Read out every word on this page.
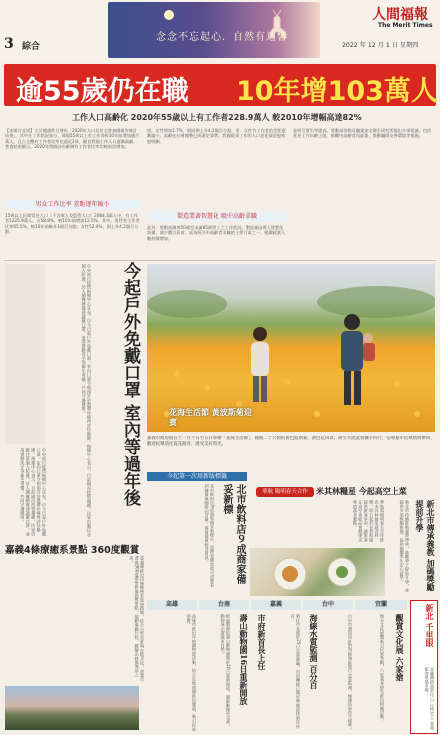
3 綜合
念念不忘起心．自然有迴響
人間福報
The Merit Times
2022 年 12 月 1 日 星期四
逾55歲仍在職 10年增103萬人
工作人口高齡化 2020年55歲以上有工作者228.9萬人 較2010年增幅高達82%
【本報台北訊】主計總處昨日發布「2020年人口及住宅普查總報告統計結果」，其中在工作狀況部分，發現55歲以上有工作者較10年前增加逾百萬人，且占全體有工作者比率也逼近2成，顯見我國工作人口逐漸高齡。普查結果顯示，2020年我國各年齡層有工作者比率均較前次增加。
別，女性增加2.7%，則同期上升4.2個百分點，男、女性有工作者的差距逐漸縮小。高齡化社會趨勢已成既定事實，我國從事工作的人口老化情況愈來愈明顯。
並明引實失率提高。勞動部勞動及職業安全衛生研究所提出多項建議，包括延長工作年齡上限、鼓勵中高齡者再就業、推動職場友善環境等措施。
男女工作比率 差距逐年縮小
15歲以上民間常住人口（不含軍人及監管人口）2084.3萬人中，有工作者1225.9萬人，占58.8%，較10年前增加12.5%。其中，男性有工作者比率65.5%，較10年前略升1個百分點；女性52.4%，則上升4.2個百分點。
製造業著智慧化 吸中高齡求職
此外，勞動部調查50歲至未滿65歲勞工之工作狀況，製造業因導入智慧化設備，減少體力負荷，成為吸引中高齡者求職的主要行業之一，相關就業人數持續增加。
中央流行疫情指揮中心宣布，自今日起戶外免戴口罩，室內口罩令則預計於農曆年後再評估鬆綁。指揮中心表示，目前國內疫情趨緩，民眾仍應注意個人防護，於人潮擁擠處建議戴口罩，並落實勤洗手等衛生習慣，共同守護健康。	今起戶外免戴口罩 室內等過年後
中央流行疫情指揮中心宣布，自今日起戶外免戴口罩，室內口罩令則預計於農曆年後再評估鬆綁。指揮中心表示，目前國內疫情趨緩，民眾仍應注意個人防護，於人潮擁擠處建議戴口罩，並落實勤洗手等衛生習慣，共同守護健康。
花海生活節 黃波斯菊迎賓
嘉義市政府將在十一月十日至五日舉辦「花海生活節」，種植二十公頃的黃色波斯菊，黃色花田景，吸引大批遊客攜手同行，信導嘉市民眾熱情參與，歡迎民眾前往賞花踏青，感受美好時光。
嘉義4條療癒系景點 360度觀賞
嘉義縣推出四條療癒系旅遊路線，結合自然美景與在地文化，遊客可透過360度環景影像預覽景點，規劃專屬行程，體驗山林與海岸之美。
今起第一次用新版標籤
北市飲料店9成商家備妥新標示，消費者購買時可清楚看到糖量與咖啡因含量，落實健康飲食資訊。	北市飲料店９成商家備妥新標	華航 陽明春天合作	米其林糧星 今起高空上菜
華航與陽明春天合作推出米其林綠星蔬食料理，即日起於長程航線提供旅客享用，讓旅客在高空也能品嘗健康美味的蔬食餐點。	新北市傳承義教 加碼獎勵提前升學
新北市持續推動義教傳承，鼓勵學子提前升學，並提供多項獎勵措施，協助偏鄉學生安心就學。
高雄	台南	嘉義	台中	宜蘭
高雄市推出年終購物節活動，結合在地商圈推出優惠，吸引民眾消費。	壽山動物園16日重新開放
經過整修的壽山動物園將於16日重新開放，園區動線更完善，動物展示環境更自然。	市府新首長上任	新任市長將於25日宣誓就職，市府團隊已做好準備迎接新任首長。	海線水質監測 百分百	台中市環保局針對海線地區進行水質監測，檢測結果符合標準。	觀賞文化展 六家搶
地方文化展覽吸引民眾參觀，六家業者搶先推出相關活動。	新北 千里眼
宜蘭鐵路高架化 白 分特定人 嘉義 藍海建築市場。
